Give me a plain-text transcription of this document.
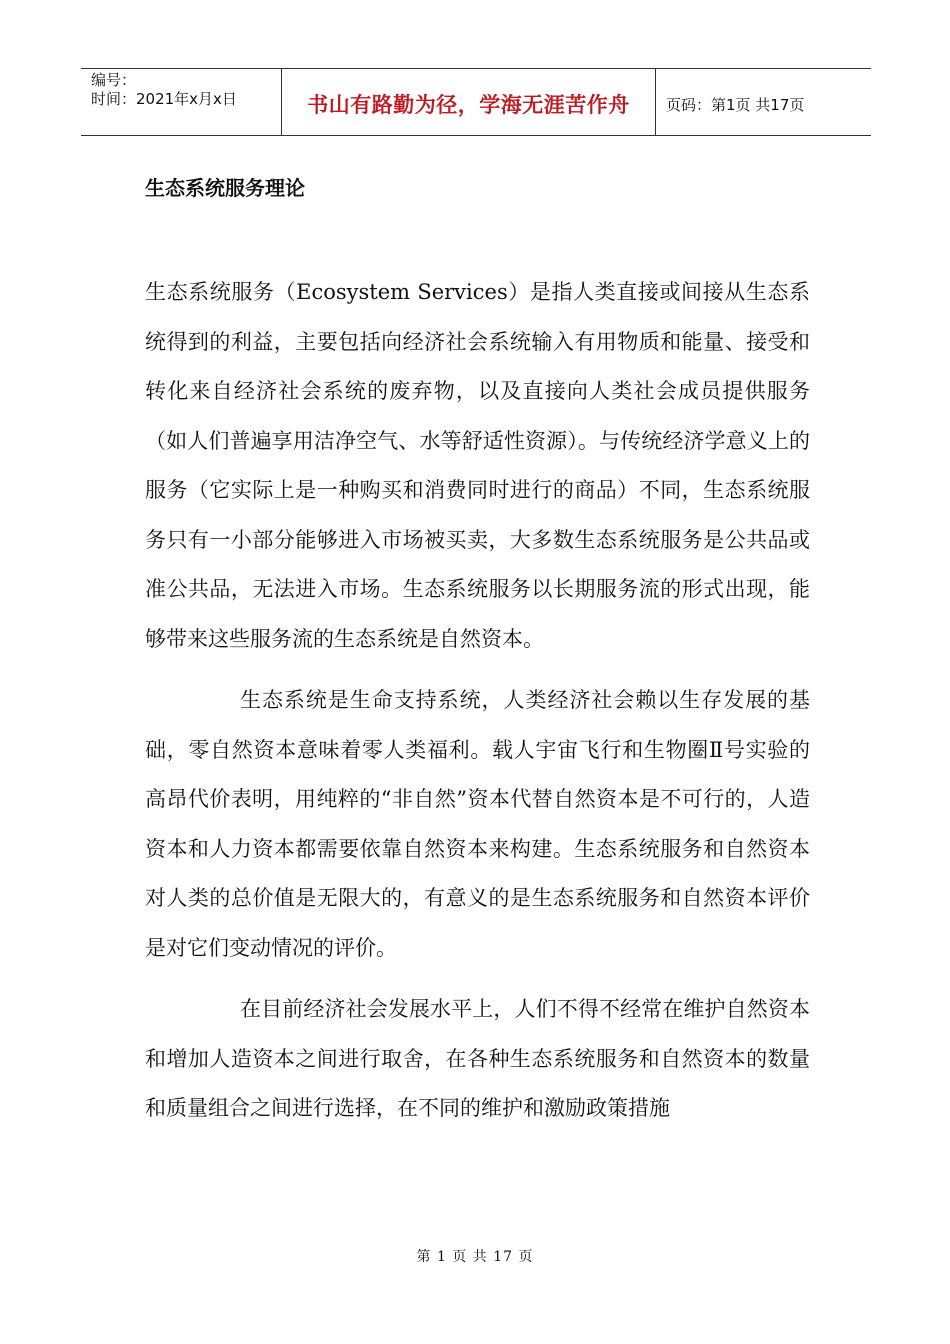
编号：
时间：2021年x月x日	书山有路勤为径，学海无涯苦作舟 页码：第1页 共17页
生态系统服务理论

生态系统服务（Ecosystem Services）是指人类直接或间接从生态系统得到的利益，主要包括向经济社会系统输入有用物质和能量、接受和转化来自经济社会系统的废弃物，以及直接向人类社会成员提供服务（如人们普遍享用洁净空气、水等舒适性资源）。与传统经济学意义上的服务（它实际上是一种购买和消费同时进行的商品）不同，生态系统服务只有一小部分能够进入市场被买卖，大多数生态系统服务是公共品或准公共品，无法进入市场。生态系统服务以长期服务流的形式出现，能够带来这些服务流的生态系统是自然资本。

生态系统是生命支持系统，人类经济社会赖以生存发展的基础，零自然资本意味着零人类福利。载人宇宙飞行和生物圈Ⅱ号实验的高昂代价表明，用纯粹的“非自然”资本代替自然资本是不可行的，人造资本和人力资本都需要依靠自然资本来构建。生态系统服务和自然资本对人类的总价值是无限大的，有意义的是生态系统服务和自然资本评价是对它们变动情况的评价。

在目前经济社会发展水平上，人们不得不经常在维护自然资本和增加人造资本之间进行取舍，在各种生态系统服务和自然资本的数量和质量组合之间进行选择，在不同的维护和激励政策措施

第 1 页 共 17 页
